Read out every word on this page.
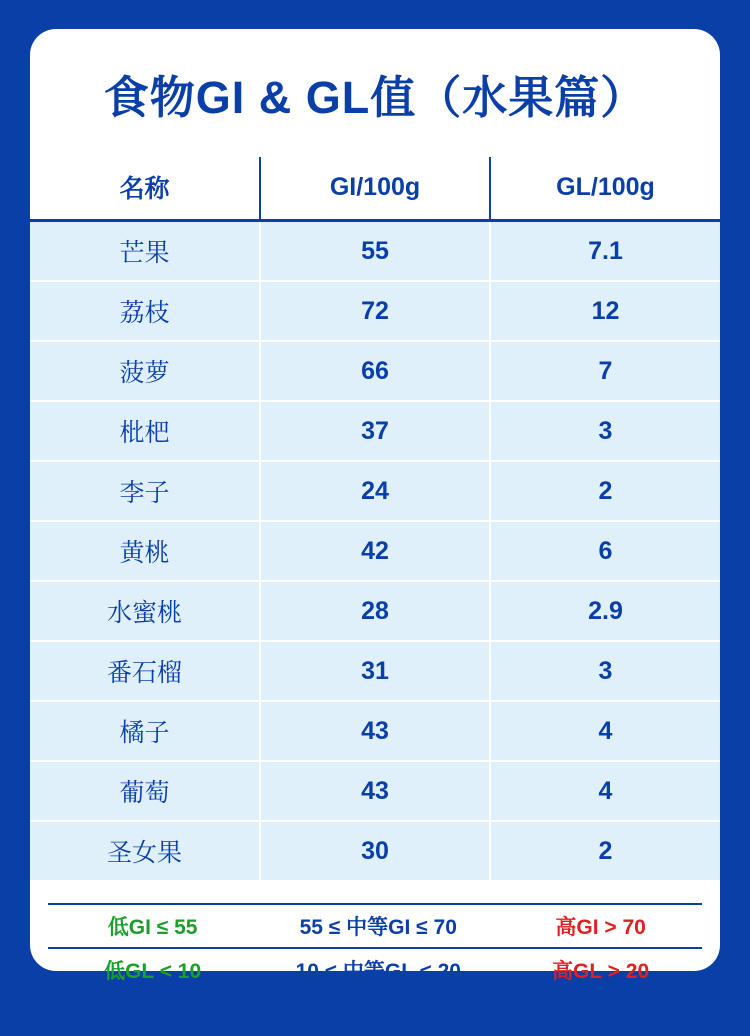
食物GI & GL值（水果篇）
名称	GI/100g	GL/100g
芒果	55	7.1
荔枝	72	12
菠萝	66	7
枇杷	37	3
李子	24	2
黄桃	42	6
水蜜桃	28	2.9
番石榴	31	3
橘子	43	4
葡萄	43	4
圣女果	30	2

低GI ≤ 55	55 ≤ 中等GI ≤ 70	高GI > 70
低GL < 10	10 < 中等GL < 20	高GL > 20
*医学科普，仅供参考
